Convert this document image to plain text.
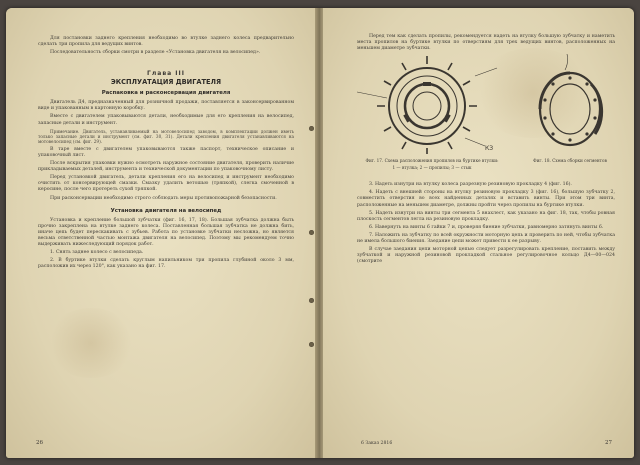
Для постановки заднего крепления необходимо во втулке заднего колеса предварительно сделать три пропила для ведущих винтов.

Последовательность сборки смотри в разделе «Установка двигателя на велосипед».

Глава III
ЭКСПЛУАТАЦИЯ ДВИГАТЕЛЯ
Распаковка и расконсервация двигателя

Двигатель Д4, предназначенный для розничной продажи, поставляется в законсервированном виде и упакованным в картонную коробку.

Вместе с двигателем упаковываются детали, необходимые для его крепления на велосипед, запасные детали и инструмент.

Примечание. Двигатель, устанавливаемый на мотовелосипед заводом, в комплектации должен иметь только запасные детали и инструмент (см. фиг. 30, 31). Детали крепления двигателя устанавливаются на мотовелосипед (см. фиг. 29).

В таре вместе с двигателем упаковываются также паспорт, техническое описание и упаковочный лист.

После вскрытия упаковки нужно осмотреть наружное состояние двигателя, проверить наличие прикладываемых деталей, инструмента и технической документации по упаковочному листу.

Перед установкой двигатель, детали крепления его на велосипед и инструмент необходимо очистить от консервирующей смазки. Смазку удалить ветошью (тряпкой), слегка смоченной в керосине, после чего протереть сухой тряпкой.

При расконсервации необходимо строго соблюдать меры противопожарной безопасности.

Установка двигателя на велосипед

Установка и крепление большой зубчатки (фиг. 16, 17, 18). Большая зубчатка должна быть прочно закреплена на втулке заднего колеса. Поставленная большая зубчатка не должна бить, иначе цепь будет перескакивать с зубьев. Работа по установке зубчатки несложна, но является весьма ответственной частью монтажа двигателя на велосипед. Поэтому мы рекомендуем точно выдерживать нижеследующий порядок работ.

1. Снять заднее колесо с велосипеда.

2. В буртике втулки сделать круглым напильником три пропила глубиной около 3 мм, расположив их через 120°, как указано на фиг. 17.

26

Перед тем как сделать пропилы, рекомендуется надеть на втулку большую зубчатку и наметить места пропилов на буртике втулки по отверстиям для трех ведущих винтов, расположенных на меньшем диаметре зубчатки.

КЗ

Фиг. 17. Схема расположения пропилов на буртике втулки:

1 — втулка; 2 — пропилы; 3 — стык

Фиг. 18. Схема сборки сегментов

3. Надеть изнутри на втулку колеса разрезную резиновую прокладку 4 (фиг. 16).

4. Надеть с внешней стороны на втулку резиновую прокладку 3 (фиг. 16), большую зубчатку 2, совместить отверстия во всех найденных деталях и вставить винты. При этом три винта, расположенные на меньшем диаметре, должны пройти через пропилы на буртике втулки.

5. Надеть изнутри на винты три сегмента 5 внахлест, как указано на фиг. 18, так, чтобы ровная плоскость сегментов легла на резиновую прокладку.

6. Навернуть на винты 6 гайки 7 и, проверяя биение зубчатки, равномерно затянуть винты 6.

7. Наложить на зубчатку по всей окружности моторную цепь и проверить по ней, чтобы зубчатка не имела большого биения. Заедание цепи может привести к ее разрыву.

В случае заедания цепи моторной цепью следует разрегулировать крепление, поставить между зубчаткой и наружной резиновой прокладкой стальное регулировочное кольцо Д4—00—024 (смотрите

6 Заказ 2816	27
